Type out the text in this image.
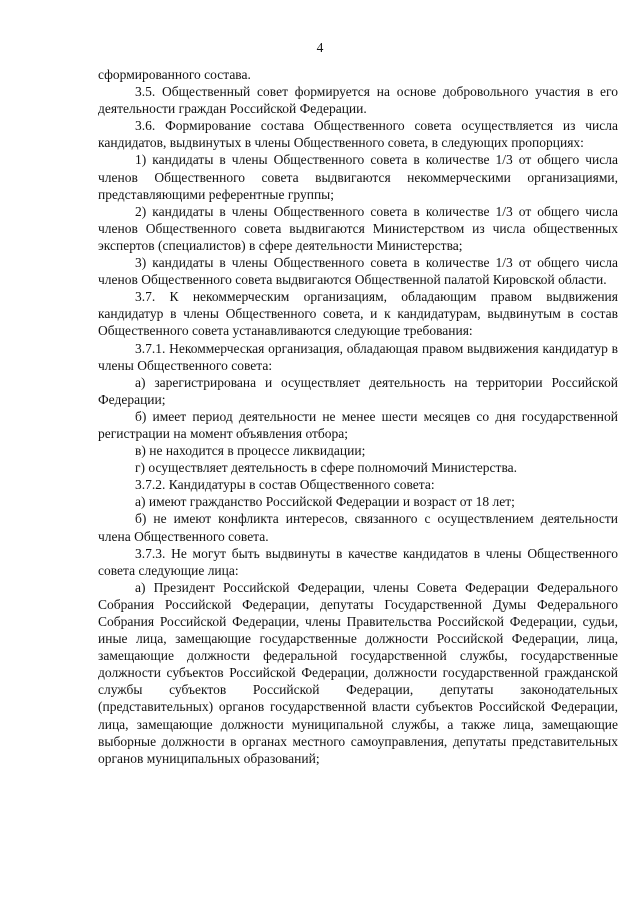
4

сформированного состава.

3.5. Общественный совет формируется на основе добровольного участия в его деятельности граждан Российской Федерации.

3.6. Формирование состава Общественного совета осуществляется из числа кандидатов, выдвинутых в члены Общественного совета, в следующих пропорциях:

1) кандидаты в члены Общественного совета в количестве 1/3 от общего числа членов Общественного совета выдвигаются некоммерческими организациями, представляющими референтные группы;

2) кандидаты в члены Общественного совета в количестве 1/3 от общего числа членов Общественного совета выдвигаются Министерством из числа общественных экспертов (специалистов) в сфере деятельности Министерства;

3) кандидаты в члены Общественного совета в количестве 1/3 от общего числа членов Общественного совета выдвигаются Общественной палатой Кировской области.

3.7. К некоммерческим организациям, обладающим правом выдвижения кандидатур в члены Общественного совета, и к кандидатурам, выдвинутым в состав Общественного совета устанавливаются следующие требования:

3.7.1. Некоммерческая организация, обладающая правом выдвижения кандидатур в члены Общественного совета:

а) зарегистрирована и осуществляет деятельность на территории Российской Федерации;

б) имеет период деятельности не менее шести месяцев со дня государственной регистрации на момент объявления отбора;

в) не находится в процессе ликвидации;

г) осуществляет деятельность в сфере полномочий Министерства.

3.7.2. Кандидатуры в состав Общественного совета:

а) имеют гражданство Российской Федерации и возраст от 18 лет;

б) не имеют конфликта интересов, связанного с осуществлением деятельности члена Общественного совета.

3.7.3. Не могут быть выдвинуты в качестве кандидатов в члены Общественного совета следующие лица:

а) Президент Российской Федерации, члены Совета Федерации Федерального Собрания Российской Федерации, депутаты Государственной Думы Федерального Собрания Российской Федерации, члены Правительства Российской Федерации, судьи, иные лица, замещающие государственные должности Российской Федерации, лица, замещающие должности федеральной государственной службы, государственные должности субъектов Российской Федерации, должности государственной гражданской службы субъектов Российской Федерации, депутаты законодательных (представительных) органов государственной власти субъектов Российской Федерации, лица, замещающие должности муниципальной службы, а также лица, замещающие выборные должности в органах местного самоуправления, депутаты представительных органов муниципальных образований;
